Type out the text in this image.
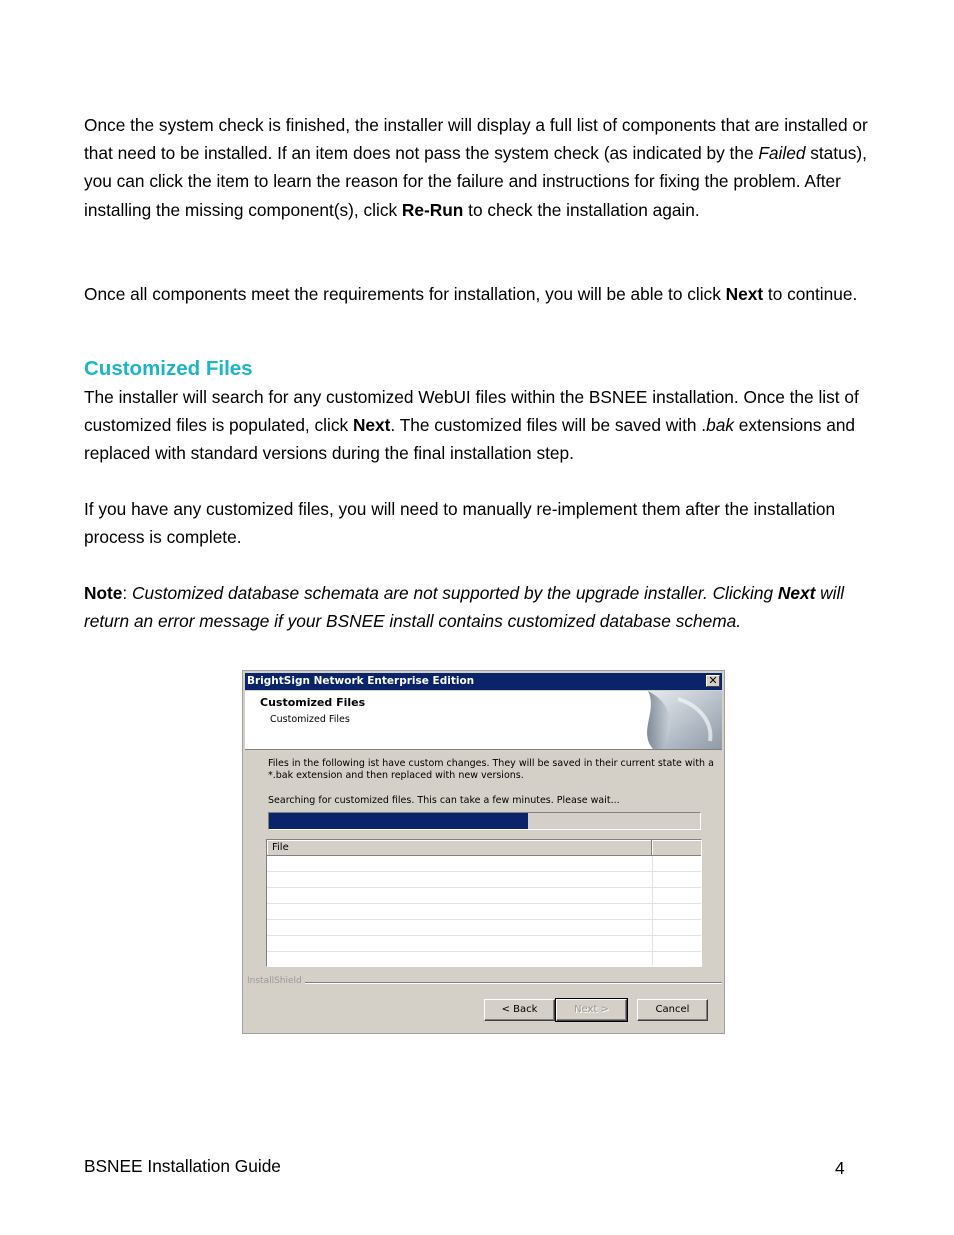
Once the system check is finished, the installer will display a full list of components that are installed or that need to be installed. If an item does not pass the system check (as indicated by the Failed status), you can click the item to learn the reason for the failure and instructions for fixing the problem. After installing the missing component(s), click Re-Run to check the installation again.

Once all components meet the requirements for installation, you will be able to click Next to continue.

Customized Files

The installer will search for any customized WebUI files within the BSNEE installation. Once the list of customized files is populated, click Next. The customized files will be saved with .bak extensions and replaced with standard versions during the final installation step.

If you have any customized files, you will need to manually re-implement them after the installation process is complete.

Note: Customized database schemata are not supported by the upgrade installer. Clicking Next will return an error message if your BSNEE install contains customized database schema.

BrightSign Network Enterprise Edition	✕
Customized Files
Customized Files
Files in the following ist have custom changes. They will be saved in their current state with a
*.bak extension and then replaced with new versions.
Searching for customized files. This can take a few minutes. Please wait...
File
InstallShield
< Back	Next >	Cancel
BSNEE Installation Guide	4
